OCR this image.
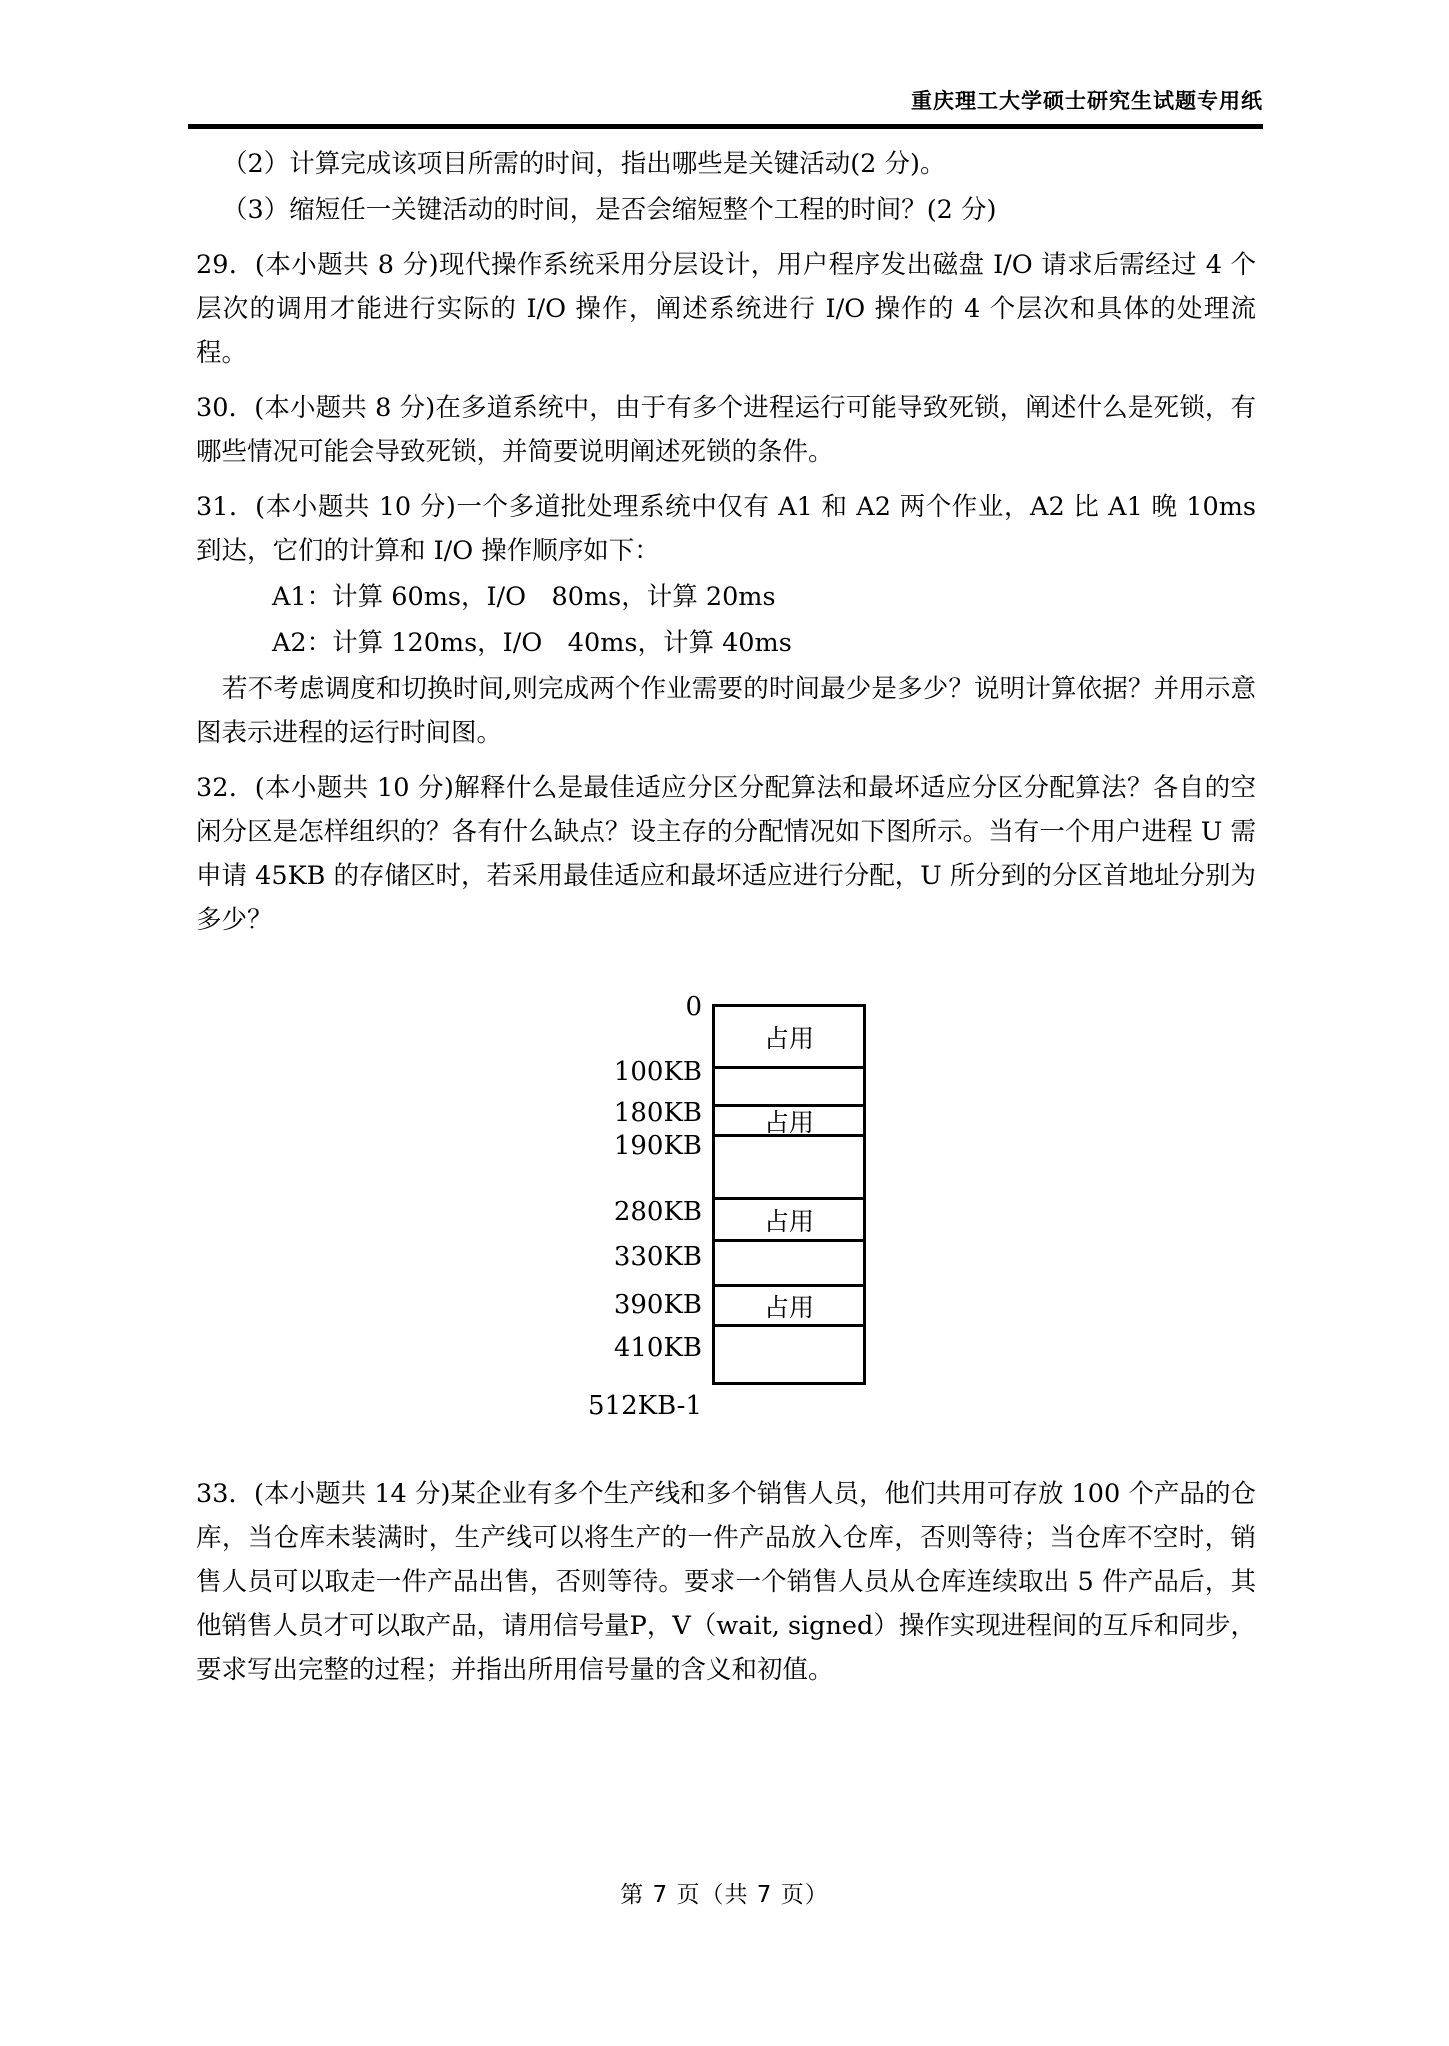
重庆理工大学硕士研究生试题专用纸

（2）计算完成该项目所需的时间，指出哪些是关键活动(2 分)。

（3）缩短任一关键活动的时间，是否会缩短整个工程的时间？(2 分)

29．(本小题共 8 分)现代操作系统采用分层设计，用户程序发出磁盘 I/O 请求后需经过 4 个层次的调用才能进行实际的 I/O 操作，阐述系统进行 I/O 操作的 4 个层次和具体的处理流程。

30．(本小题共 8 分)在多道系统中，由于有多个进程运行可能导致死锁，阐述什么是死锁，有哪些情况可能会导致死锁，并简要说明阐述死锁的条件。

31．(本小题共 10 分)一个多道批处理系统中仅有 A1 和 A2 两个作业，A2 比 A1 晚 10ms 到达，它们的计算和 I/O 操作顺序如下：

A1：计算 60ms，I/O　80ms，计算 20ms

A2：计算 120ms，I/O　40ms，计算 40ms

若不考虑调度和切换时间,则完成两个作业需要的时间最少是多少？说明计算依据？并用示意图表示进程的运行时间图。

32．(本小题共 10 分)解释什么是最佳适应分区分配算法和最坏适应分区分配算法？各自的空闲分区是怎样组织的？各有什么缺点？设主存的分配情况如下图所示。当有一个用户进程 U 需申请 45KB 的存储区时，若采用最佳适应和最坏适应进行分配，U 所分到的分区首地址分别为多少？

0
100KB
180KB
190KB
280KB
330KB
390KB
410KB
512KB-1
占用
占用
占用
占用

33．(本小题共 14 分)某企业有多个生产线和多个销售人员，他们共用可存放 100 个产品的仓库，当仓库未装满时，生产线可以将生产的一件产品放入仓库，否则等待；当仓库不空时，销售人员可以取走一件产品出售，否则等待。要求一个销售人员从仓库连续取出 5 件产品后，其他销售人员才可以取产品，请用信号量P，V（wait, signed）操作实现进程间的互斥和同步，要求写出完整的过程；并指出所用信号量的含义和初值。

第 7 页（共 7 页）
